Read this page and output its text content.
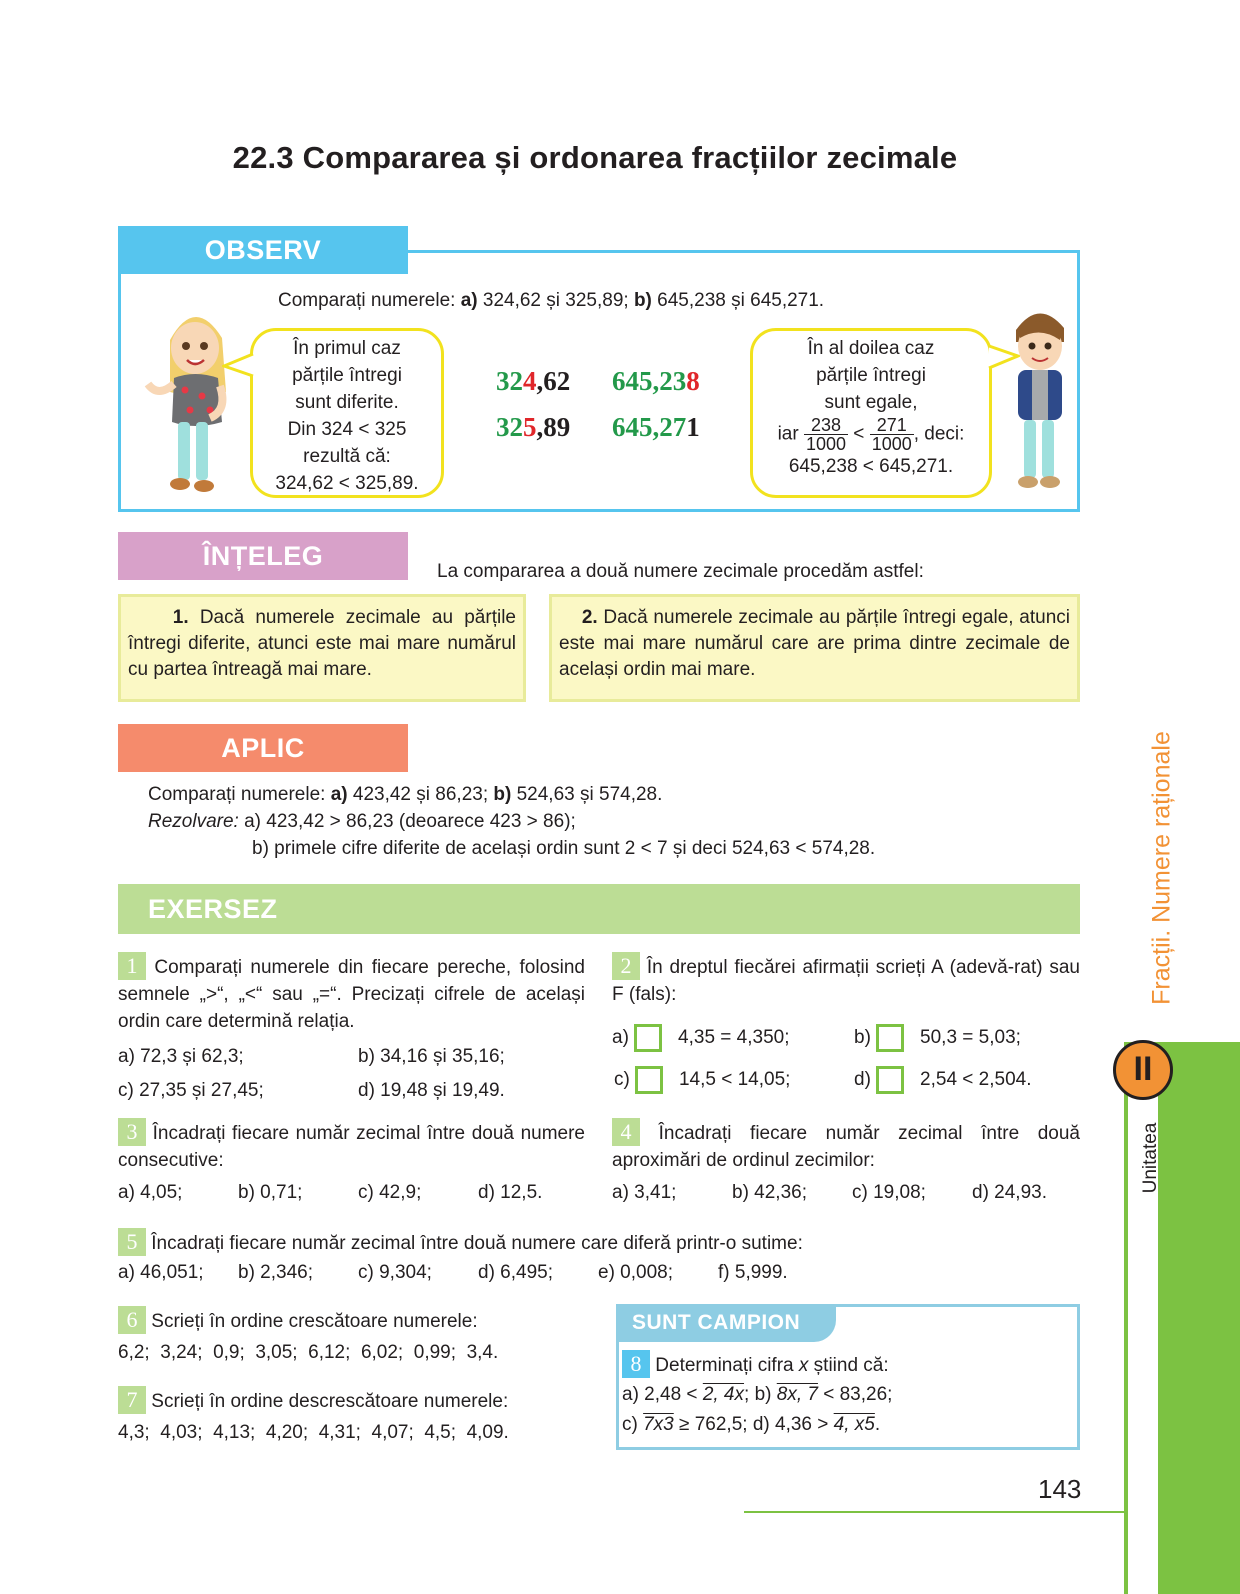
22.3 Compararea și ordonarea fracțiilor zecimale
OBSERV
Comparați numerele: a) 324,62 și 325,89; b) 645,238 și 645,271.
În primul caz
părțile întregi
sunt diferite.
Din 324 < 325
rezultă că:
324,62 < 325,89.
324,62
325,89
645,238
645,271
În al doilea caz
părțile întregi
sunt egale,
iar $\frac{238}{1000} < \frac{271}{1000}$ , deci:
645,238 < 645,271.
ÎNȚELEG
La compararea a două numere zecimale procedăm astfel:
1. Dacă numerele zecimale au părțile întregi diferite, atunci este mai mare numărul cu partea întreagă mai mare.
2. Dacă numerele zecimale au părțile întregi egale, atunci este mai mare numărul care are prima dintre zecimale de același ordin mai mare.
APLIC
Comparați numerele: a) 423,42 și 86,23; b) 524,63 și 574,28.
Rezolvare: a) 423,42 > 86,23 (deoarece 423 > 86);
b) primele cifre diferite de același ordin sunt 2 < 7 și deci 524,63 < 574,28.
EXERSEZ
1 Comparați numerele din fiecare pereche, folosind semnele „>“, „<“ sau „=“. Precizați cifrele de același ordin care determină relația.
a) 72,3 și 62,3;	b) 34,16 și 35,16;
c) 27,35 și 27,45;	d) 19,48 și 19,49.
2 În dreptul fiecărei afirmații scrieți A (adevă-rat) sau F (fals):
a)	4,35 = 4,350;	b)	50,3 = 5,03;
c)	14,5 < 14,05;	d)	2,54 < 2,504.
3 Încadrați fiecare număr zecimal între două numere consecutive:
a) 4,05;	b) 0,71;	c) 42,9;	d) 12,5.
4 Încadrați fiecare număr zecimal între două aproximări de ordinul zecimilor:
a) 3,41;	b) 42,36; c) 19,08; d) 24,93.
5 Încadrați fiecare număr zecimal între două numere care diferă printr-o sutime:
a) 46,051; b) 2,346; c) 9,304; d) 6,495; e) 0,008; f) 5,999.
6 Scrieți în ordine crescătoare numerele:
6,2;  3,24;  0,9;  3,05;  6,12;  6,02;  0,99;  3,4.
7 Scrieți în ordine descrescătoare numerele:
4,3;  4,03;  4,13;  4,20;  4,31;  4,07;  4,5;  4,09.
SUNT CAMPION
8 Determinați cifra x știind că:
a) 2,48 < 2, 4x; b) 8x, 7 < 83,26;
c) 7x3 ≥ 762,5; d) 4,36 > 4, x5.
143
Fracții. Numere raționale
Unitatea
II
